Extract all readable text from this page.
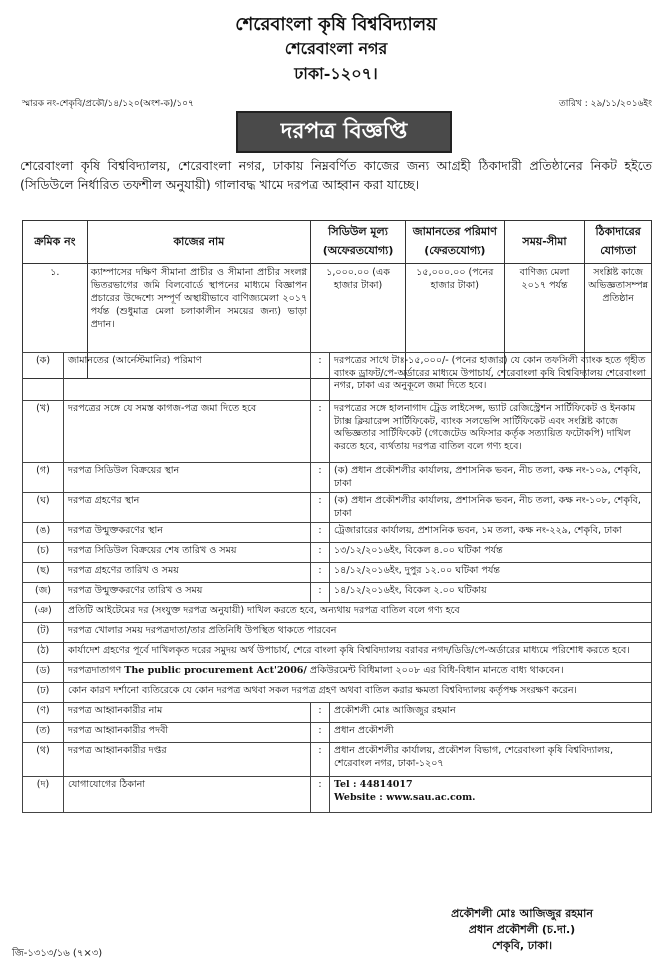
শেরেবাংলা কৃষি বিশ্ববিদ্যালয়
শেরেবাংলা নগর
ঢাকা-১২০৭।
স্মারক নং-শেকৃবি/প্রকৌ/১৪/১২০(অংশ-ক)/১০৭	তারিখ : ২৯/১১/২০১৬ইং
দরপত্র বিজ্ঞপ্তি
শেরেবাংলা কৃষি বিশ্ববিদ্যালয়, শেরেবাংলা নগর, ঢাকায় নিম্নবর্ণিত কাজের জন্য আগ্রহী ঠিকাদারী প্রতিষ্ঠানের নিকট হইতে (সিডিউলে নির্ধারিত তফশীল অনুযায়ী) গালাবদ্ধ খামে দরপত্র আহ্বান করা যাচ্ছে।
ক্রমিক নং	কাজের নাম	সিডিউল মূল্য (অফেরতযোগ্য)	জামানতের পরিমাণ (ফেরতযোগ্য)	সময়-সীমা	ঠিকাদারের যোগ্যতা
১.	ক্যাম্পাসের দক্ষিণ সীমানা প্রাচীর ও সীমানা প্রাচীর সংলগ্ন ভিতরভাগের জমি বিলবোর্ডে স্থাপনের মাধ্যমে বিজ্ঞাপন প্রচারের উদ্দেশ্যে সম্পূর্ণ অস্থায়ীভাবে বাণিজ্যমেলা ২০১৭ পর্যন্ত (শুধুমাত্র মেলা চলাকালীন সময়ের জন্য) ভাড়া প্রদান।	১,০০০.০০ (এক হাজার টাকা)	১৫,০০০.০০ (পনের হাজার টাকা)	বাণিজ্য মেলা ২০১৭ পর্যন্ত	সংশ্লিষ্ট কাজে অভিজ্ঞতাসম্পন্ন প্রতিষ্ঠান
(ক)	জামানতের (আর্নেস্টমানির) পরিমাণ	:	দরপত্রের সাথে টাঃ-১৫,০০০/- (পনের হাজার) যে কোন তফসিলী ব্যাংক হতে গৃহীত ব্যাংক ড্রাফট/পে-অর্ডারের মাধ্যমে উপাচার্য, শেরেবাংলা কৃষি বিশ্ববিদ্যালয় শেরেবাংলা নগর, ঢাকা এর অনুকূলে জমা দিতে হবে।
(খ)	দরপত্রের সঙ্গে যে সমস্ত কাগজ-পত্র জমা দিতে হবে	:	দরপত্রের সঙ্গে হালনাগাদ ট্রেড লাইসেন্স, ভ্যাট রেজিস্ট্রেশন সার্টিফিকেট ও ইনকাম ট্যাক্স ক্লিয়ারেন্স সার্টিফিকেট, ব্যাংক সলভেন্সি সার্টিফিকেট এবং সংশ্লিষ্ট কাজে অভিজ্ঞতার সার্টিফিকেট (গেজেটেড অফিসার কর্তৃক সত্যায়িত ফটোকপি) দাখিল করতে হবে, ব্যর্থতায় দরপত্র বাতিল বলে গণ্য হবে।
(গ)	দরপত্র সিডিউল বিক্রয়ের স্থান	:	(ক) প্রধান প্রকৌশলীর কার্যালয়, প্রশাসনিক ভবন, নীচ তলা, কক্ষ নং-১০৯, শেকৃবি, ঢাকা
(ঘ)	দরপত্র গ্রহণের স্থান	:	(ক) প্রধান প্রকৌশলীর কার্যালয়, প্রশাসনিক ভবন, নীচ তলা, কক্ষ নং-১০৮, শেকৃবি, ঢাকা
(ঙ)	দরপত্র উন্মুক্তকরণের স্থান	:	ট্রেজারারের কার্যালয়, প্রশাসনিক ভবন, ১ম তলা, কক্ষ নং-২২৯, শেকৃবি, ঢাকা
(চ)	দরপত্র সিডিউল বিক্রয়ের শেষ তারিখ ও সময়	:	১৩/১২/২০১৬ইং, বিকেল ৪.০০ ঘটিকা পর্যন্ত
(ছ)	দরপত্র গ্রহণের তারিখ ও সময়	:	১৪/১২/২০১৬ইং, দুপুর ১২.০০ ঘটিকা পর্যন্ত
(জ)	দরপত্র উন্মুক্তকরণের তারিখ ও সময়	:	১৪/১২/২০১৬ইং, বিকেল ২.০০ ঘটিকায়
(ঞ)	প্রতিটি আইটেমের দর (সংযুক্ত দরপত্র অনুযায়ী) দাখিল করতে হবে, অন্যথায় দরপত্র বাতিল বলে গণ্য হবে		
(ট)	দরপত্র খোলার সময় দরপত্রদাতা/তার প্রতিনিধি উপস্থিত থাকতে পারবেন		
(ঠ)	কার্যাদেশ গ্রহণের পূর্বে দাখিলকৃত দরের সমুদয় অর্থ উপাচার্য, শেরে বাংলা কৃষি বিশ্ববিদ্যালয় বরাবর নগদ/ডিডি/পে-অর্ডারের মাধ্যমে পরিশোধ করতে হবে।		
(ড)	দরপত্রদাতাগণ The public procurement Act'2006/ প্রকিউরমেন্ট বিধিমালা ২০০৮ এর বিধি-বিধান মানতে বাধ্য থাকবেন।		
(ঢ)	কোন কারণ দর্শানো ব্যতিরেকে যে কোন দরপত্র অথবা সকল দরপত্র গ্রহণ অথবা বাতিল করার ক্ষমতা বিশ্ববিদ্যালয় কর্তৃপক্ষ সংরক্ষণ করেন।		
(ণ)	দরপত্র আহ্বানকারীর নাম	:	প্রকৌশলী মোঃ আজিজুর রহমান
(ত)	দরপত্র আহ্বানকারীর পদবী	:	প্রধান প্রকৌশলী
(থ)	দরপত্র আহ্বানকারীর দপ্তর	:	প্রধান প্রকৌশলীর কার্যালয়, প্রকৌশল বিভাগ, শেরেবাংলা কৃষি বিশ্ববিদ্যালয়, শেরেবাংল নগর, ঢাকা-১২০৭
(দ)	যোগাযোগের ঠিকানা	:	Tel : 44814017
Website : www.sau.ac.com.
প্রকৌশলী মোঃ আজিজুর রহমান
প্রধান প্রকৌশলী (চ.দা.)
শেকৃবি, ঢাকা।
জি-১৩১৩/১৬ (৭×৩)
